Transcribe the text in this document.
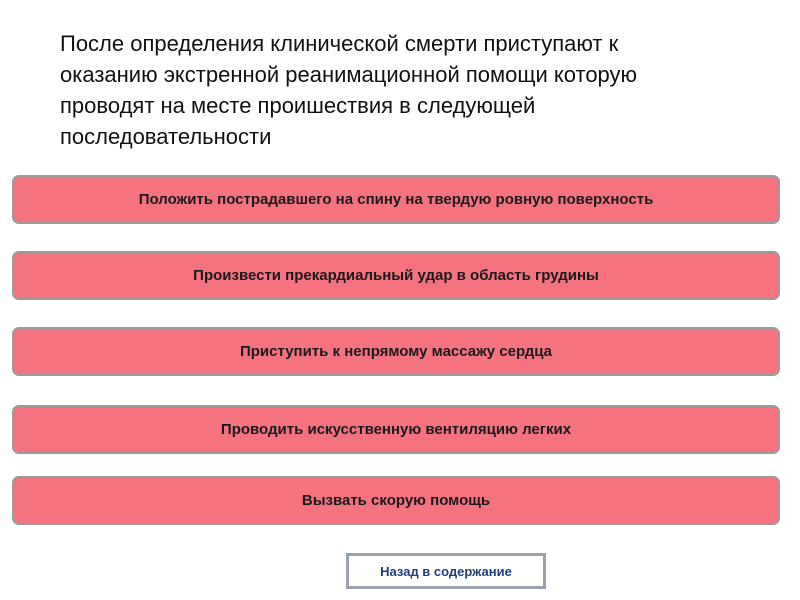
После определения клинической смерти приступают к
оказанию экстренной реанимационной помощи которую
проводят на месте проишествия в следующей
последовательности
Положить пострадавшего на спину на твердую ровную поверхность
Произвести прекардиальный удар в область грудины
Приступить к непрямому массажу сердца
Проводить искусственную вентиляцию легких
Вызвать скорую помощь
Назад в содержание
